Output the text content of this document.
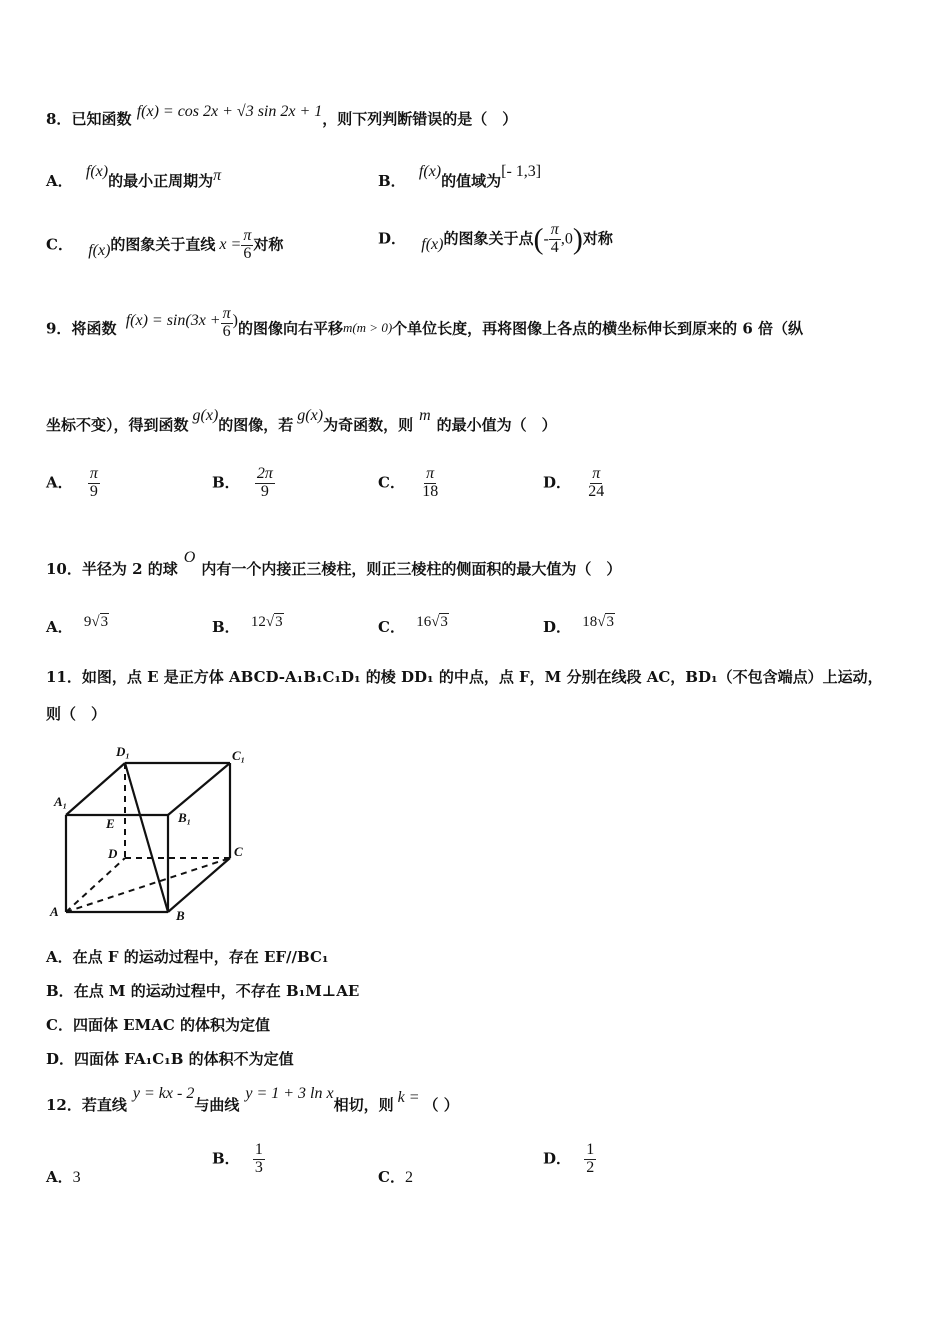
8．已知函数 f(x) = cos 2x + √3 sin 2x + 1，则下列判断错误的是（　）
A． f(x)的最小正周期为π	B． f(x)的值域为[- 1,3]
C． f(x)的图象关于直线 $x = \frac{\pi}{6}$ 对称	D． f(x)的图象关于点(- $\frac{\pi}{4} ,0$)对称
9．将函数 $f(x) = \sin(3x + \frac{\pi}{6}$ )的图像向右平移m(m > 0)个单位长度，再将图像上各点的横坐标伸长到原来的 6 倍（纵
坐标不变），得到函数g(x)的图像，若g(x)为奇函数，则m的最小值为（　）
A． $\frac{\pi}{9}$	B． $\frac{2\pi}{9}$	C． $\frac{\pi}{18}$	D． $\frac{\pi}{24}$
10．半径为 2 的球O内有一个内接正三棱柱，则正三棱柱的侧面积的最大值为（　）
A． 9√3	B． 12√3	C． 16√3	D． 18√3
11．如图，点 E 是正方体 ABCD-A₁B₁C₁D₁ 的棱 DD₁ 的中点，点 F，M 分别在线段 AC，BD₁（不包含端点）上运动，
则（　）
D₁	C₁
A₁
B₁
E
D	C
A	B
A．在点 F 的运动过程中，存在 EF//BC₁
B．在点 M 的运动过程中，不存在 B₁M⊥AE
C．四面体 EMAC 的体积为定值
D．四面体 FA₁C₁B 的体积不为定值
12．若直线y = kx - 2与曲线y = 1 + 3 ln x相切，则 k = （ ）
A．3
B． $\frac{1}{3}$
C．2
D． $\frac{1}{2}$
